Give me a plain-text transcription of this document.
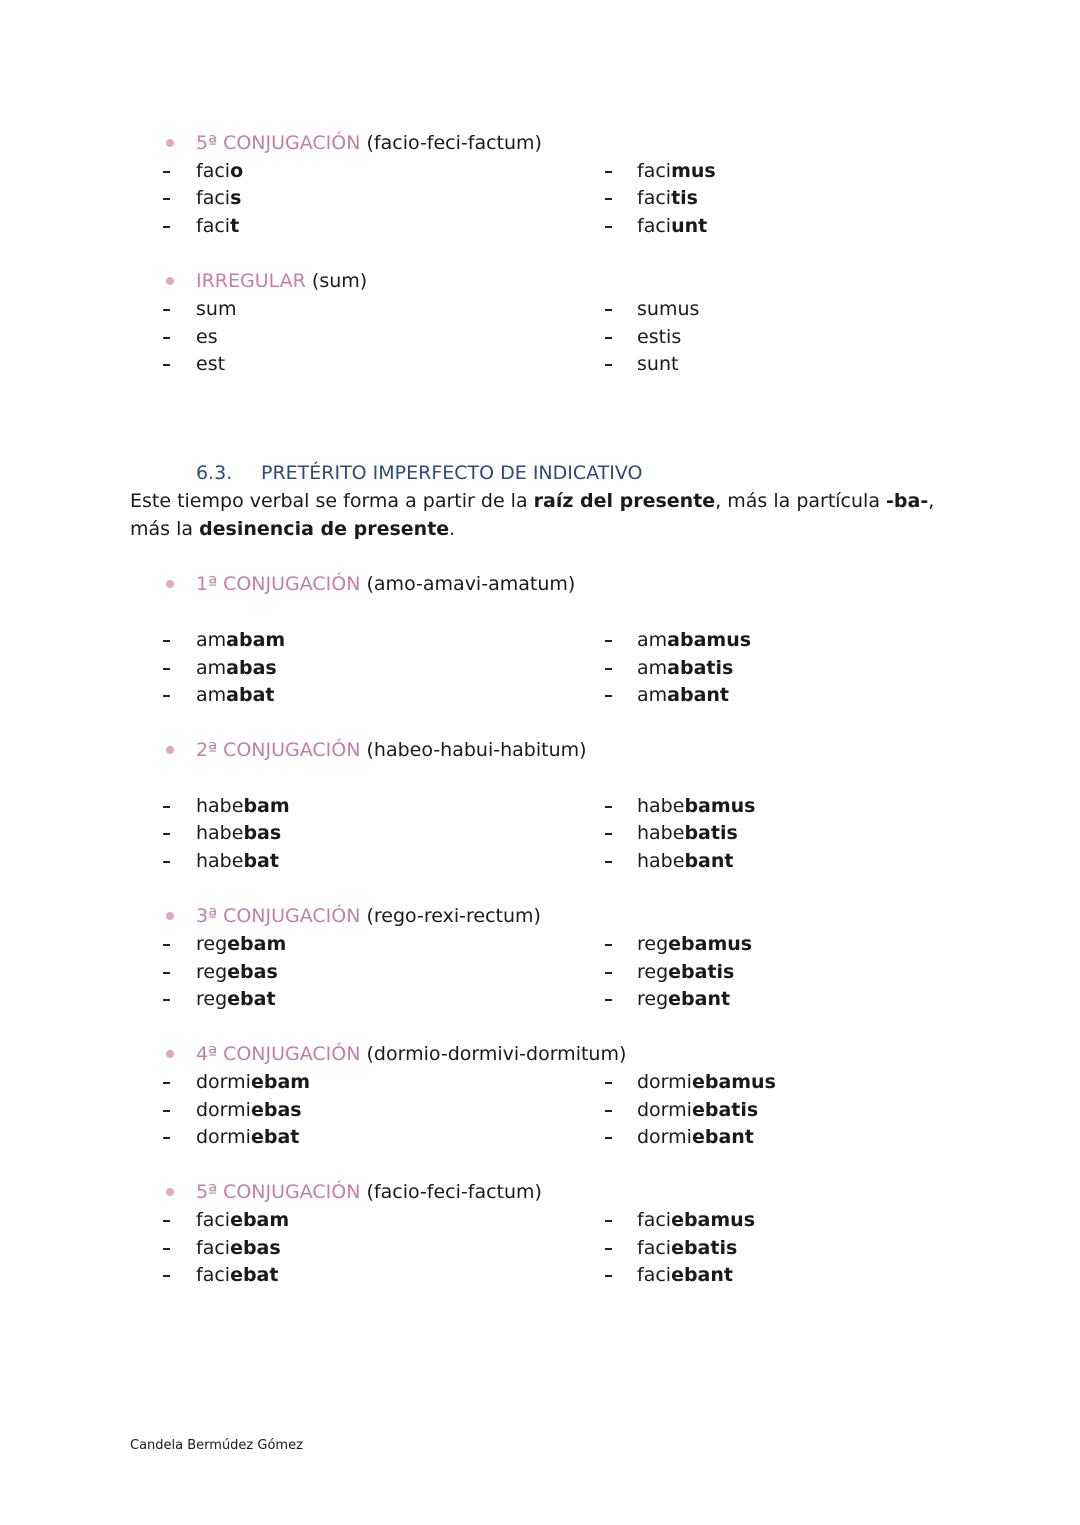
5ª CONJUGACIÓN (facio-feci-factum)
facio
facis
facit
facimus
facitis
faciunt
IRREGULAR (sum)
sum
es
est
sumus
estis
sunt
6.3. PRETÉRITO IMPERFECTO DE INDICATIVO
Este tiempo verbal se forma a partir de la raíz del presente, más la partícula -ba-, más la desinencia de presente.
1ª CONJUGACIÓN (amo-amavi-amatum)
amabam
amabas
amabat
amabamus
amabatis
amabant
2ª CONJUGACIÓN (habeo-habui-habitum)
habebam
habebas
habebat
habebamus
habebatis
habebant
3ª CONJUGACIÓN (rego-rexi-rectum)
regebam
regebas
regebat
regebamus
regebatis
regebant
4ª CONJUGACIÓN (dormio-dormivi-dormitum)
dormiebam
dormiebas
dormiebat
dormiebamus
dormiebatis
dormiebant
5ª CONJUGACIÓN (facio-feci-factum)
faciebam
faciebas
faciebat
faciebamus
faciebatis
faciebant
Candela Bermúdez Gómez
